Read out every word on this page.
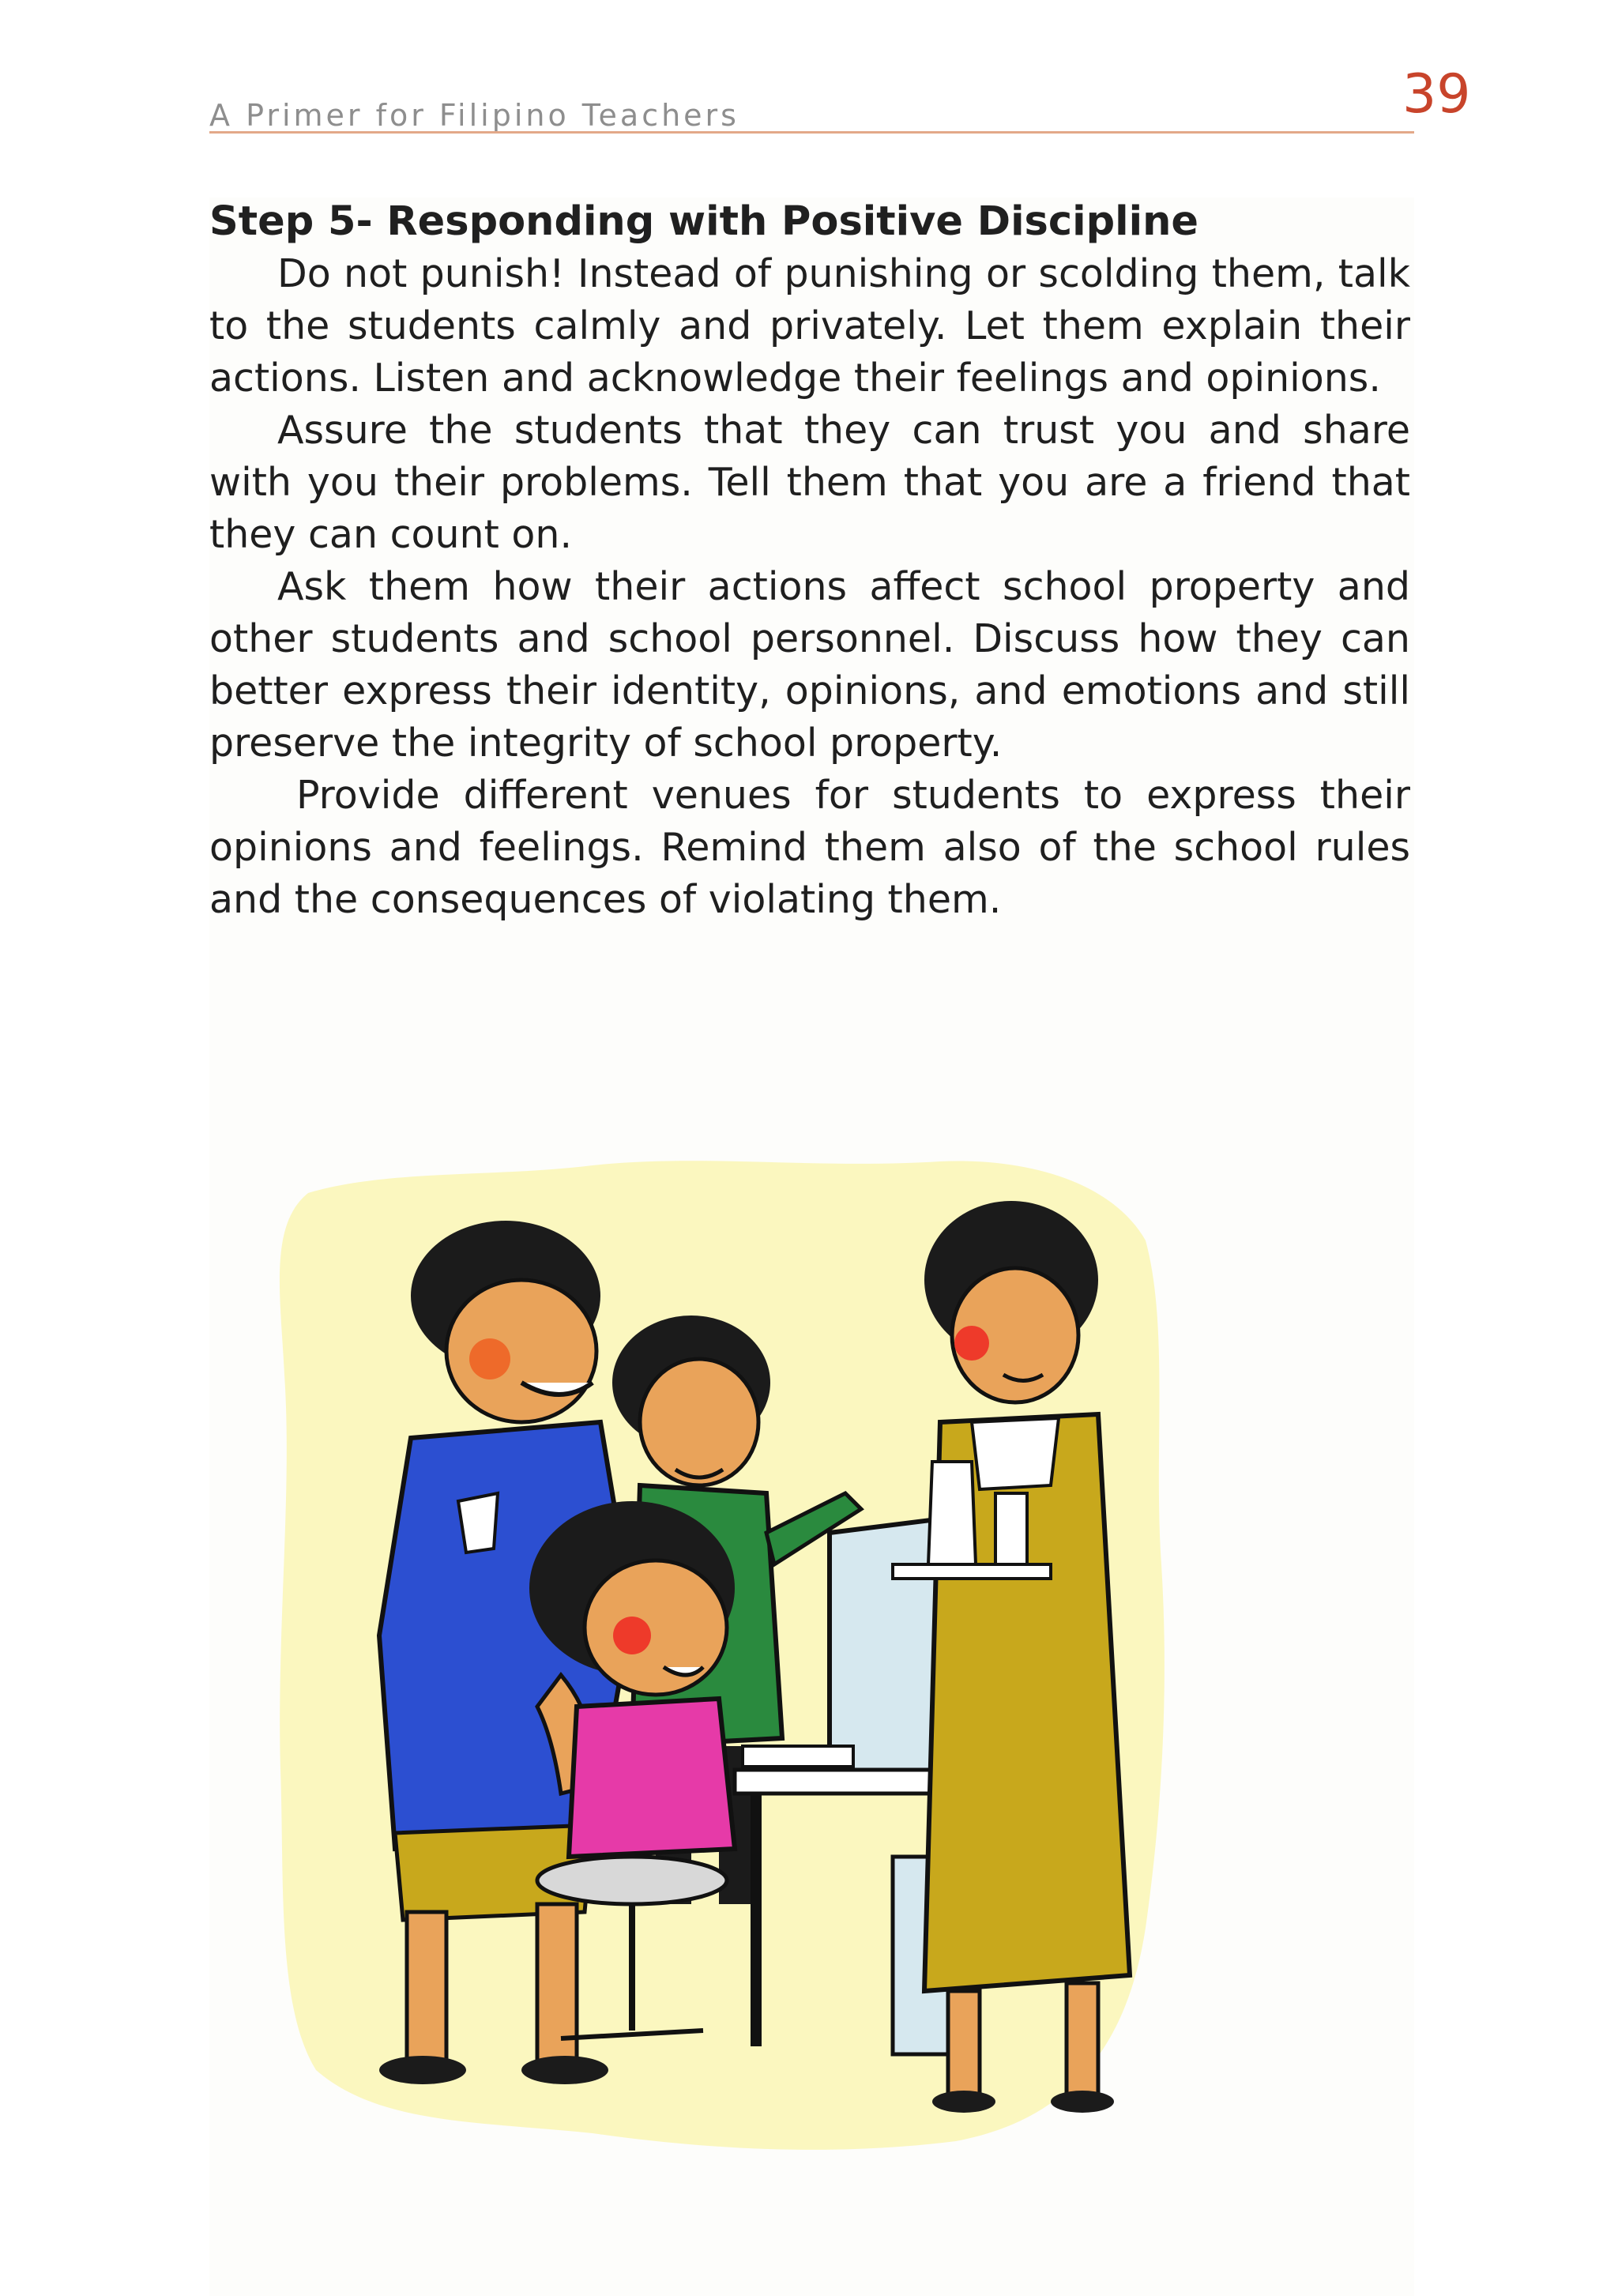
A Primer for Filipino Teachers	39
Step 5- Responding with Positive Discipline

Do not punish! Instead of punishing or scolding them, talk to the students calmly and privately. Let them explain their actions. Listen and acknowledge their feelings and opinions.

Assure the students that they can trust you and share with you their problems. Tell them that you are a friend that they can count on.

Ask them how their actions affect school property and other students and school personnel. Discuss how they can better express their identity, opinions, and emotions and still preserve the integrity of school property.

Provide different venues for students to express their opinions and feelings. Remind them also of the school rules and the consequences of violating them.
